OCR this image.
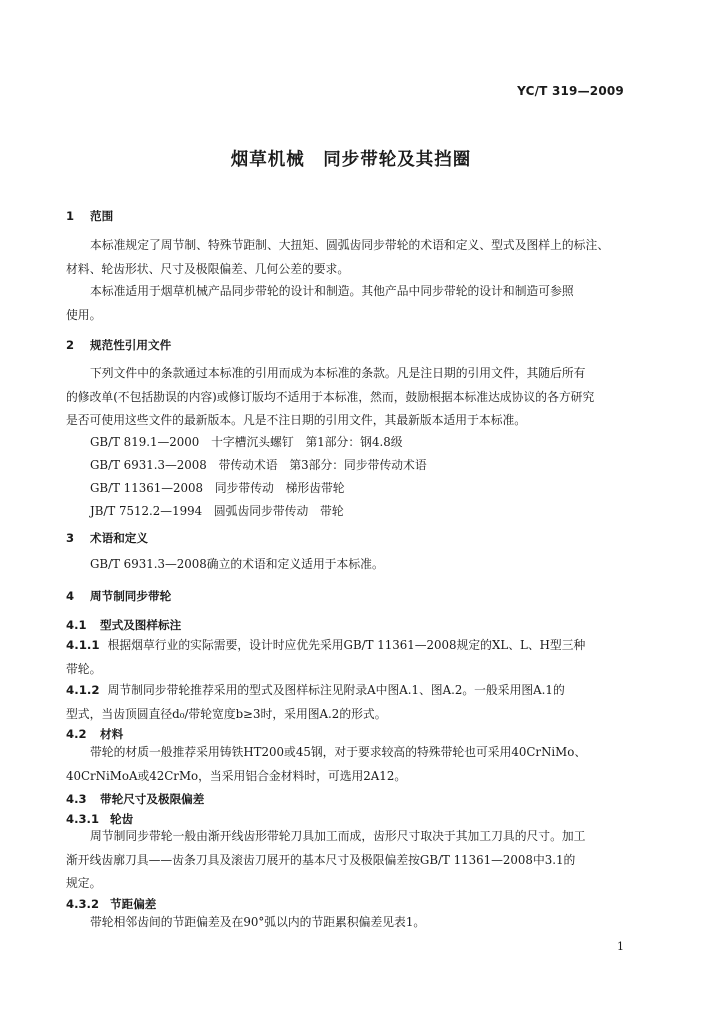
YC/T 319—2009
烟草机械　同步带轮及其挡圈
1 范围
本标准规定了周节制、特殊节距制、大扭矩、圆弧齿同步带轮的术语和定义、型式及图样上的标注、
材料、轮齿形状、尺寸及极限偏差、几何公差的要求。
本标准适用于烟草机械产品同步带轮的设计和制造。其他产品中同步带轮的设计和制造可参照
使用。
2 规范性引用文件
下列文件中的条款通过本标准的引用而成为本标准的条款。凡是注日期的引用文件，其随后所有
的修改单(不包括勘误的内容)或修订版均不适用于本标准，然而，鼓励根据本标准达成协议的各方研究
是否可使用这些文件的最新版本。凡是不注日期的引用文件，其最新版本适用于本标准。
GB/T 819.1—2000　十字槽沉头螺钉　第1部分：钢4.8级
GB/T 6931.3—2008　带传动术语　第3部分：同步带传动术语
GB/T 11361—2008　同步带传动　梯形齿带轮
JB/T 7512.2—1994　圆弧齿同步带传动　带轮
3 术语和定义
GB/T 6931.3—2008确立的术语和定义适用于本标准。
4 周节制同步带轮
4.1 型式及图样标注
4.1.1 根据烟草行业的实际需要，设计时应优先采用GB/T 11361—2008规定的XL、L、H型三种
带轮。
4.1.2 周节制同步带轮推荐采用的型式及图样标注见附录A中图A.1、图A.2。一般采用图A.1的
型式，当齿顶圆直径d₀/带轮宽度b≥3时，采用图A.2的形式。
4.2 材料
带轮的材质一般推荐采用铸铁HT200或45钢，对于要求较高的特殊带轮也可采用40CrNiMo、
40CrNiMoA或42CrMo，当采用铝合金材料时，可选用2A12。
4.3 带轮尺寸及极限偏差
4.3.1 轮齿
周节制同步带轮一般由渐开线齿形带轮刀具加工而成，齿形尺寸取决于其加工刀具的尺寸。加工
渐开线齿廓刀具——齿条刀具及滚齿刀展开的基本尺寸及极限偏差按GB/T 11361—2008中3.1的
规定。
4.3.2 节距偏差
带轮相邻齿间的节距偏差及在90°弧以内的节距累积偏差见表1。
1
